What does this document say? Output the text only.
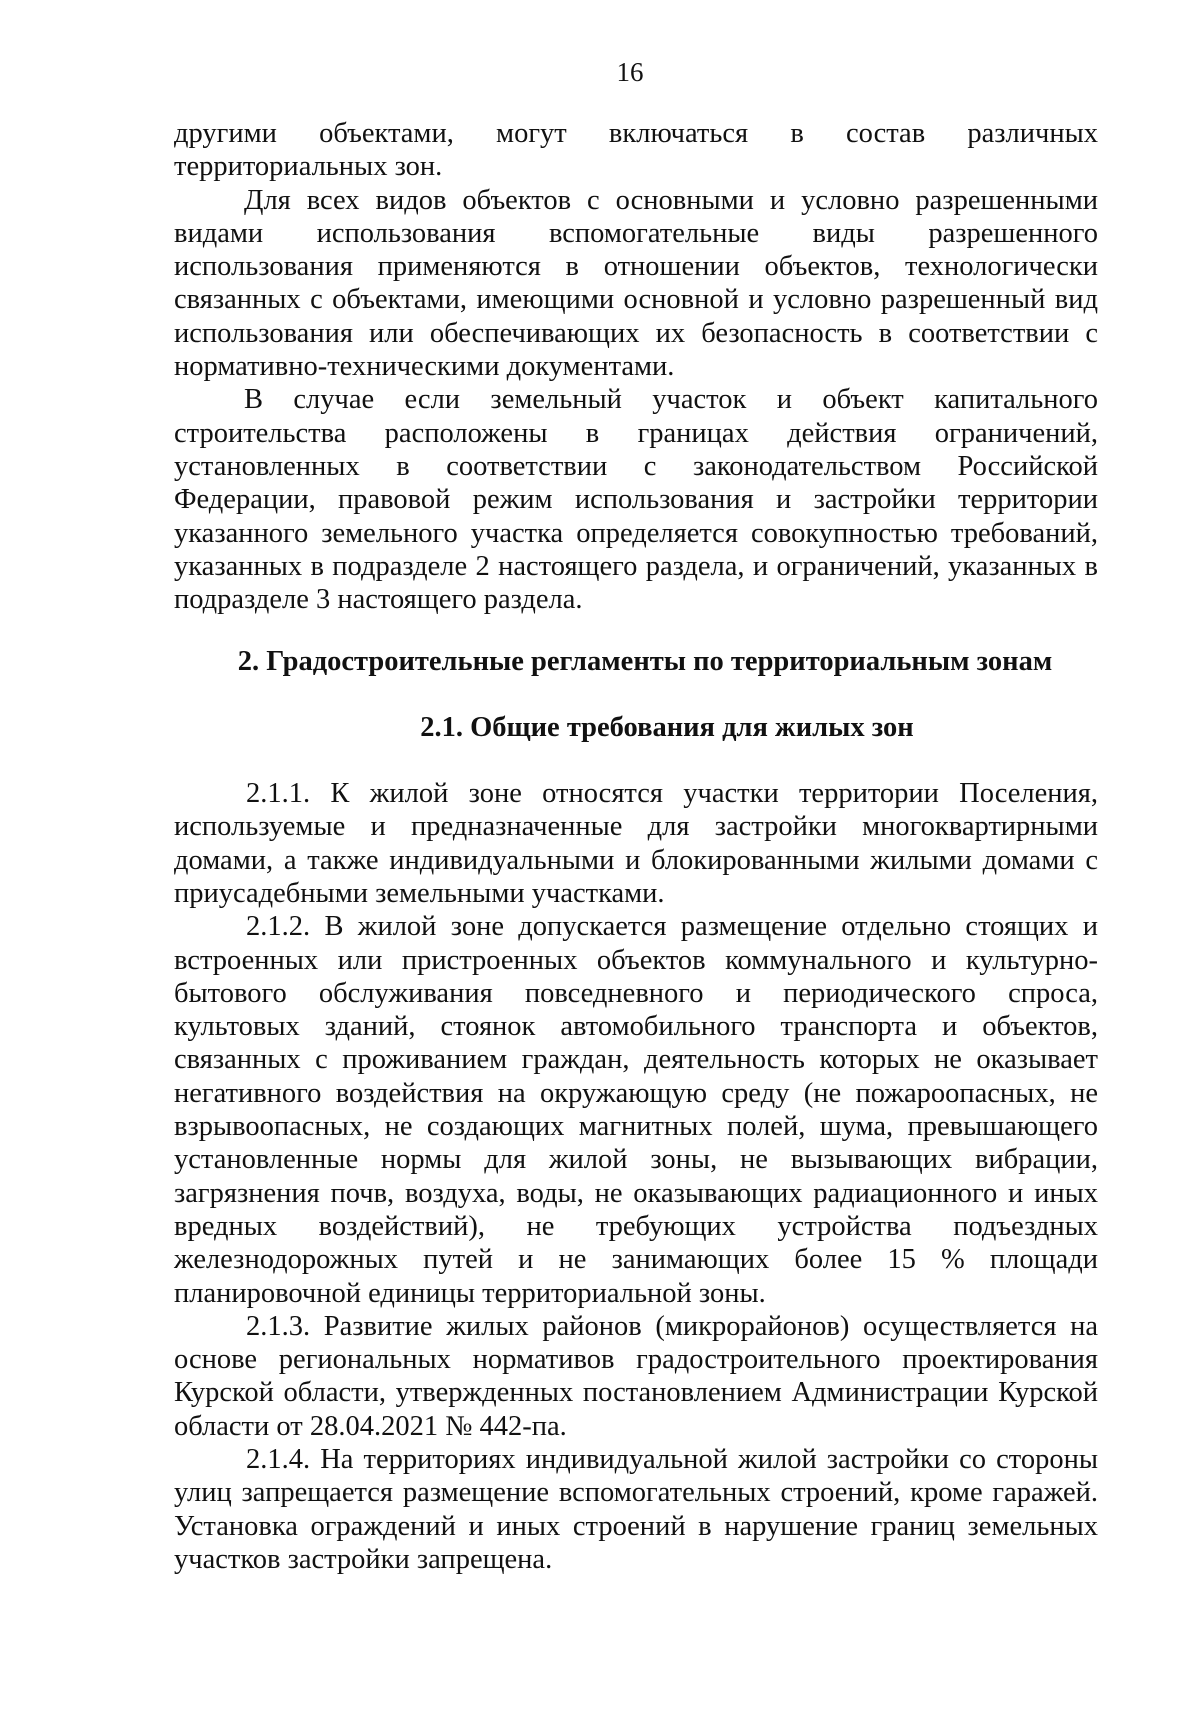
16

другими объектами, могут включаться в состав различных территориальных зон.

Для всех видов объектов с основными и условно разрешенными видами использования вспомогательные виды разрешенного использования применяются в отношении объектов, технологически связанных с объектами, имеющими основной и условно разрешенный вид использования или обеспечивающих их безопасность в соответствии с нормативно-техническими документами.

В случае если земельный участок и объект капитального строительства расположены в границах действия ограничений, установленных в соответствии с законодательством Российской Федерации, правовой режим использования и застройки территории указанного земельного участка определяется совокупностью требований, указанных в подразделе 2 настоящего раздела, и ограничений, указанных в подразделе 3 настоящего раздела.

2. Градостроительные регламенты по территориальным зонам
2.1. Общие требования для жилых зон

2.1.1. К жилой зоне относятся участки территории Поселения, используемые и предназначенные для застройки многоквартирными домами, а также индивидуальными и блокированными жилыми домами с приусадебными земельными участками.

2.1.2. В жилой зоне допускается размещение отдельно стоящих и встроенных или пристроенных объектов коммунального и культурно-бытового обслуживания повседневного и периодического спроса, культовых зданий, стоянок автомобильного транспорта и объектов, связанных с проживанием граждан, деятельность которых не оказывает негативного воздействия на окружающую среду (не пожароопасных, не взрывоопасных, не создающих магнитных полей, шума, превышающего установленные нормы для жилой зоны, не вызывающих вибрации, загрязнения почв, воздуха, воды, не оказывающих радиационного и иных вредных воздействий), не требующих устройства подъездных железнодорожных путей и не занимающих более 15 % площади планировочной единицы территориальной зоны.

2.1.3. Развитие жилых районов (микрорайонов) осуществляется на основе региональных нормативов градостроительного проектирования Курской области, утвержденных постановлением Администрации Курской области от 28.04.2021 № 442-па.

2.1.4. На территориях индивидуальной жилой застройки со стороны улиц запрещается размещение вспомогательных строений, кроме гаражей. Установка ограждений и иных строений в нарушение границ земельных участков застройки запрещена.
